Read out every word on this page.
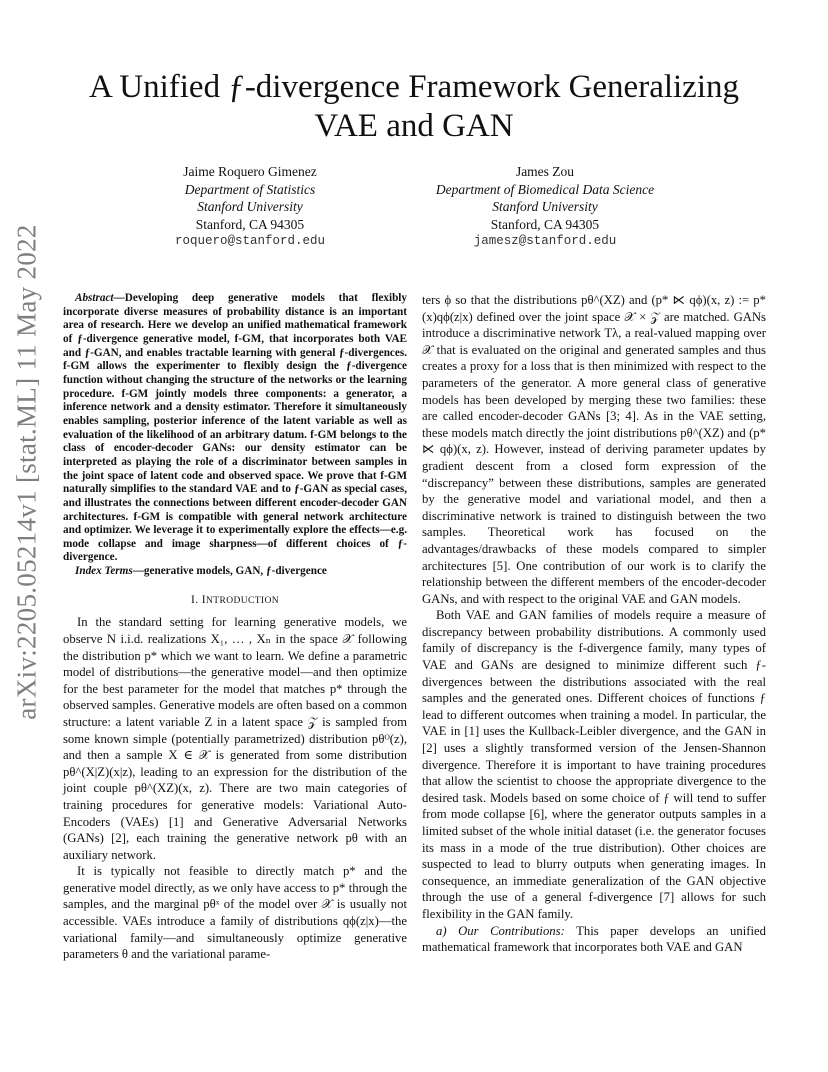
arXiv:2205.05214v1 [stat.ML] 11 May 2022
A Unified ƒ-divergence Framework Generalizing
VAE and GAN
Jaime Roquero Gimenez
Department of Statistics
Stanford University
Stanford, CA 94305
roquero@stanford.edu
James Zou
Department of Biomedical Data Science
Stanford University
Stanford, CA 94305
jamesz@stanford.edu

Abstract—Developing deep generative models that flexibly incorporate diverse measures of probability distance is an important area of research. Here we develop an unified mathematical framework of ƒ-divergence generative model, f-GM, that incorporates both VAE and ƒ-GAN, and enables tractable learning with general ƒ-divergences. f-GM allows the experimenter to flexibly design the ƒ-divergence function without changing the structure of the networks or the learning procedure. f-GM jointly models three components: a generator, a inference network and a density estimator. Therefore it simultaneously enables sampling, posterior inference of the latent variable as well as evaluation of the likelihood of an arbitrary datum. f-GM belongs to the class of encoder-decoder GANs: our density estimator can be interpreted as playing the role of a discriminator between samples in the joint space of latent code and observed space. We prove that f-GM naturally simplifies to the standard VAE and to ƒ-GAN as special cases, and illustrates the connections between different encoder-decoder GAN architectures. f-GM is compatible with general network architecture and optimizer. We leverage it to experimentally explore the effects—e.g. mode collapse and image sharpness—of different choices of ƒ-divergence.

Index Terms—generative models, GAN, ƒ-divergence

I. INTRODUCTION

In the standard setting for learning generative models, we observe N i.i.d. realizations X₁, … , Xₙ in the space 𝒳 following the distribution p* which we want to learn. We define a parametric model of distributions—the generative model—and then optimize for the best parameter for the model that matches p* through the observed samples. Generative models are often based on a common structure: a latent variable Z in a latent space 𝒵 is sampled from some known simple (potentially parametrized) distribution pθᴼ(z), and then a sample X ∈ 𝒳 is generated from some distribution pθ^(X|Z)(x|z), leading to an expression for the distribution of the joint couple pθ^(XZ)(x, z). There are two main categories of training procedures for generative models: Variational Auto-Encoders (VAEs) [1] and Generative Adversarial Networks (GANs) [2], each training the generative network pθ with an auxiliary network.

It is typically not feasible to directly match p* and the generative model directly, as we only have access to p* through the samples, and the marginal pθˣ of the model over 𝒳 is usually not accessible. VAEs introduce a family of distributions qϕ(z|x)—the variational family—and simultaneously optimize generative parameters θ and the variational parame-

ters ϕ so that the distributions pθ^(XZ) and (p* ⋉ qϕ)(x, z) := p*(x)qϕ(z|x) defined over the joint space 𝒳 × 𝒵 are matched. GANs introduce a discriminative network Tλ, a real-valued mapping over 𝒳 that is evaluated on the original and generated samples and thus creates a proxy for a loss that is then minimized with respect to the parameters of the generator. A more general class of generative models has been developed by merging these two families: these are called encoder-decoder GANs [3; 4]. As in the VAE setting, these models match directly the joint distributions pθ^(XZ) and (p* ⋉ qϕ)(x, z). However, instead of deriving parameter updates by gradient descent from a closed form expression of the “discrepancy” between these distributions, samples are generated by the generative model and variational model, and then a discriminative network is trained to distinguish between the two samples. Theoretical work has focused on the advantages/drawbacks of these models compared to simpler architectures [5]. One contribution of our work is to clarify the relationship between the different members of the encoder-decoder GANs, and with respect to the original VAE and GAN models.

Both VAE and GAN families of models require a measure of discrepancy between probability distributions. A commonly used family of discrepancy is the f-divergence family, many types of VAE and GANs are designed to minimize different such ƒ-divergences between the distributions associated with the real samples and the generated ones. Different choices of functions ƒ lead to different outcomes when training a model. In particular, the VAE in [1] uses the Kullback-Leibler divergence, and the GAN in [2] uses a slightly transformed version of the Jensen-Shannon divergence. Therefore it is important to have training procedures that allow the scientist to choose the appropriate divergence to the desired task. Models based on some choice of ƒ will tend to suffer from mode collapse [6], where the generator outputs samples in a limited subset of the whole initial dataset (i.e. the generator focuses its mass in a mode of the true distribution). Other choices are suspected to lead to blurry outputs when generating images. In consequence, an immediate generalization of the GAN objective through the use of a general f-divergence [7] allows for such flexibility in the GAN family.

a) Our Contributions: This paper develops an unified mathematical framework that incorporates both VAE and GAN
